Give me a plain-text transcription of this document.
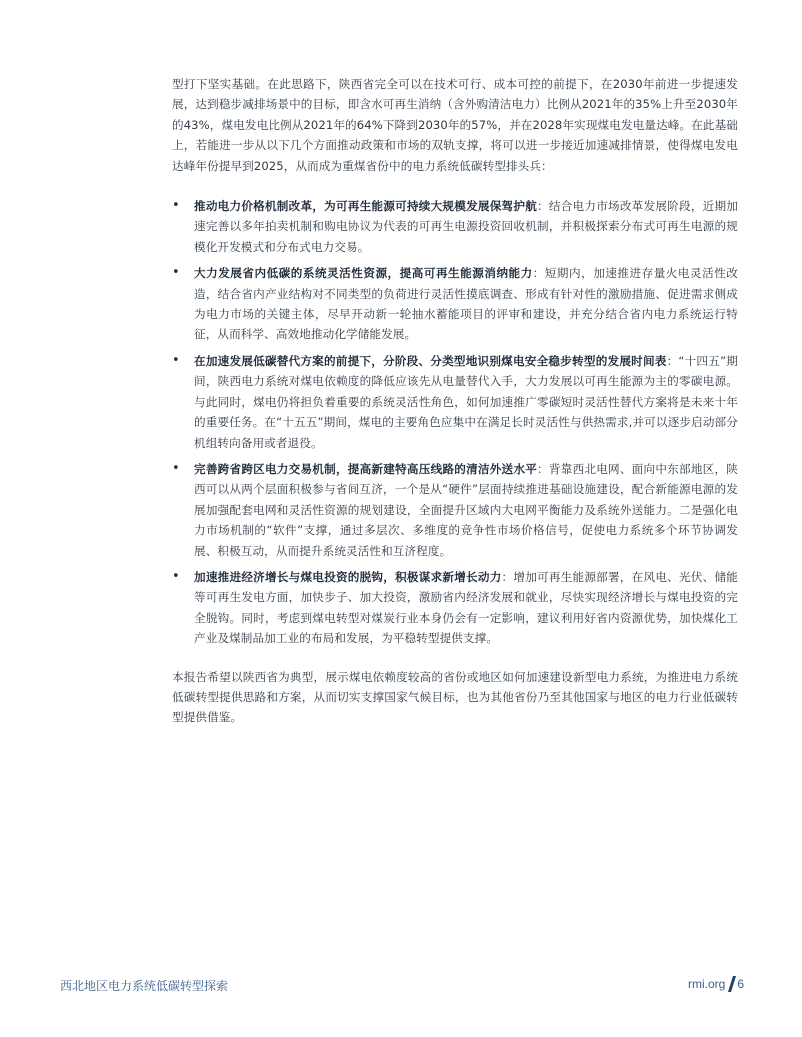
型打下坚实基础。在此思路下，陕西省完全可以在技术可行、成本可控的前提下，在2030年前进一步提速发展，达到稳步减排场景中的目标，即含水可再生消纳（含外购清洁电力）比例从2021年的35%上升至2030年的43%，煤电发电比例从2021年的64%下降到2030年的57%，并在2028年实现煤电发电量达峰。在此基础上，若能进一步从以下几个方面推动政策和市场的双轨支撑，将可以进一步接近加速减排情景，使得煤电发电达峰年份提早到2025，从而成为重煤省份中的电力系统低碳转型排头兵：

•	推动电力价格机制改革，为可再生能源可持续大规模发展保驾护航：结合电力市场改革发展阶段，近期加速完善以多年拍卖机制和购电协议为代表的可再生电源投资回收机制，并积极探索分布式可再生电源的规模化开发模式和分布式电力交易。
•	大力发展省内低碳的系统灵活性资源，提高可再生能源消纳能力：短期内，加速推进存量火电灵活性改造，结合省内产业结构对不同类型的负荷进行灵活性摸底调查、形成有针对性的激励措施、促进需求侧成为电力市场的关键主体，尽早开动新一轮抽水蓄能项目的评审和建设，并充分结合省内电力系统运行特征，从而科学、高效地推动化学储能发展。
•	在加速发展低碳替代方案的前提下，分阶段、分类型地识别煤电安全稳步转型的发展时间表：“十四五”期间，陕西电力系统对煤电依赖度的降低应该先从电量替代入手，大力发展以可再生能源为主的零碳电源。与此同时，煤电仍将担负着重要的系统灵活性角色，如何加速推广零碳短时灵活性替代方案将是未来十年的重要任务。在“十五五”期间，煤电的主要角色应集中在满足长时灵活性与供热需求,并可以逐步启动部分机组转向备用或者退役。
•	完善跨省跨区电力交易机制，提高新建特高压线路的清洁外送水平：背靠西北电网、面向中东部地区，陕西可以从两个层面积极参与省间互济，一个是从“硬件”层面持续推进基础设施建设，配合新能源电源的发展加强配套电网和灵活性资源的规划建设，全面提升区域内大电网平衡能力及系统外送能力。二是强化电力市场机制的“软件”支撑，通过多层次、多维度的竞争性市场价格信号，促使电力系统多个环节协调发展、积极互动，从而提升系统灵活性和互济程度。
•	加速推进经济增长与煤电投资的脱钩，积极谋求新增长动力：增加可再生能源部署，在风电、光伏、储能等可再生发电方面，加快步子、加大投资，激励省内经济发展和就业，尽快实现经济增长与煤电投资的完全脱钩。同时，考虑到煤电转型对煤炭行业本身仍会有一定影响，建议利用好省内资源优势，加快煤化工产业及煤制品加工业的布局和发展，为平稳转型提供支撑。

本报告希望以陕西省为典型，展示煤电依赖度较高的省份或地区如何加速建设新型电力系统，为推进电力系统低碳转型提供思路和方案，从而切实支撑国家气候目标，也为其他省份乃至其他国家与地区的电力行业低碳转型提供借鉴。

西北地区电力系统低碳转型探索	rmi.org 6
